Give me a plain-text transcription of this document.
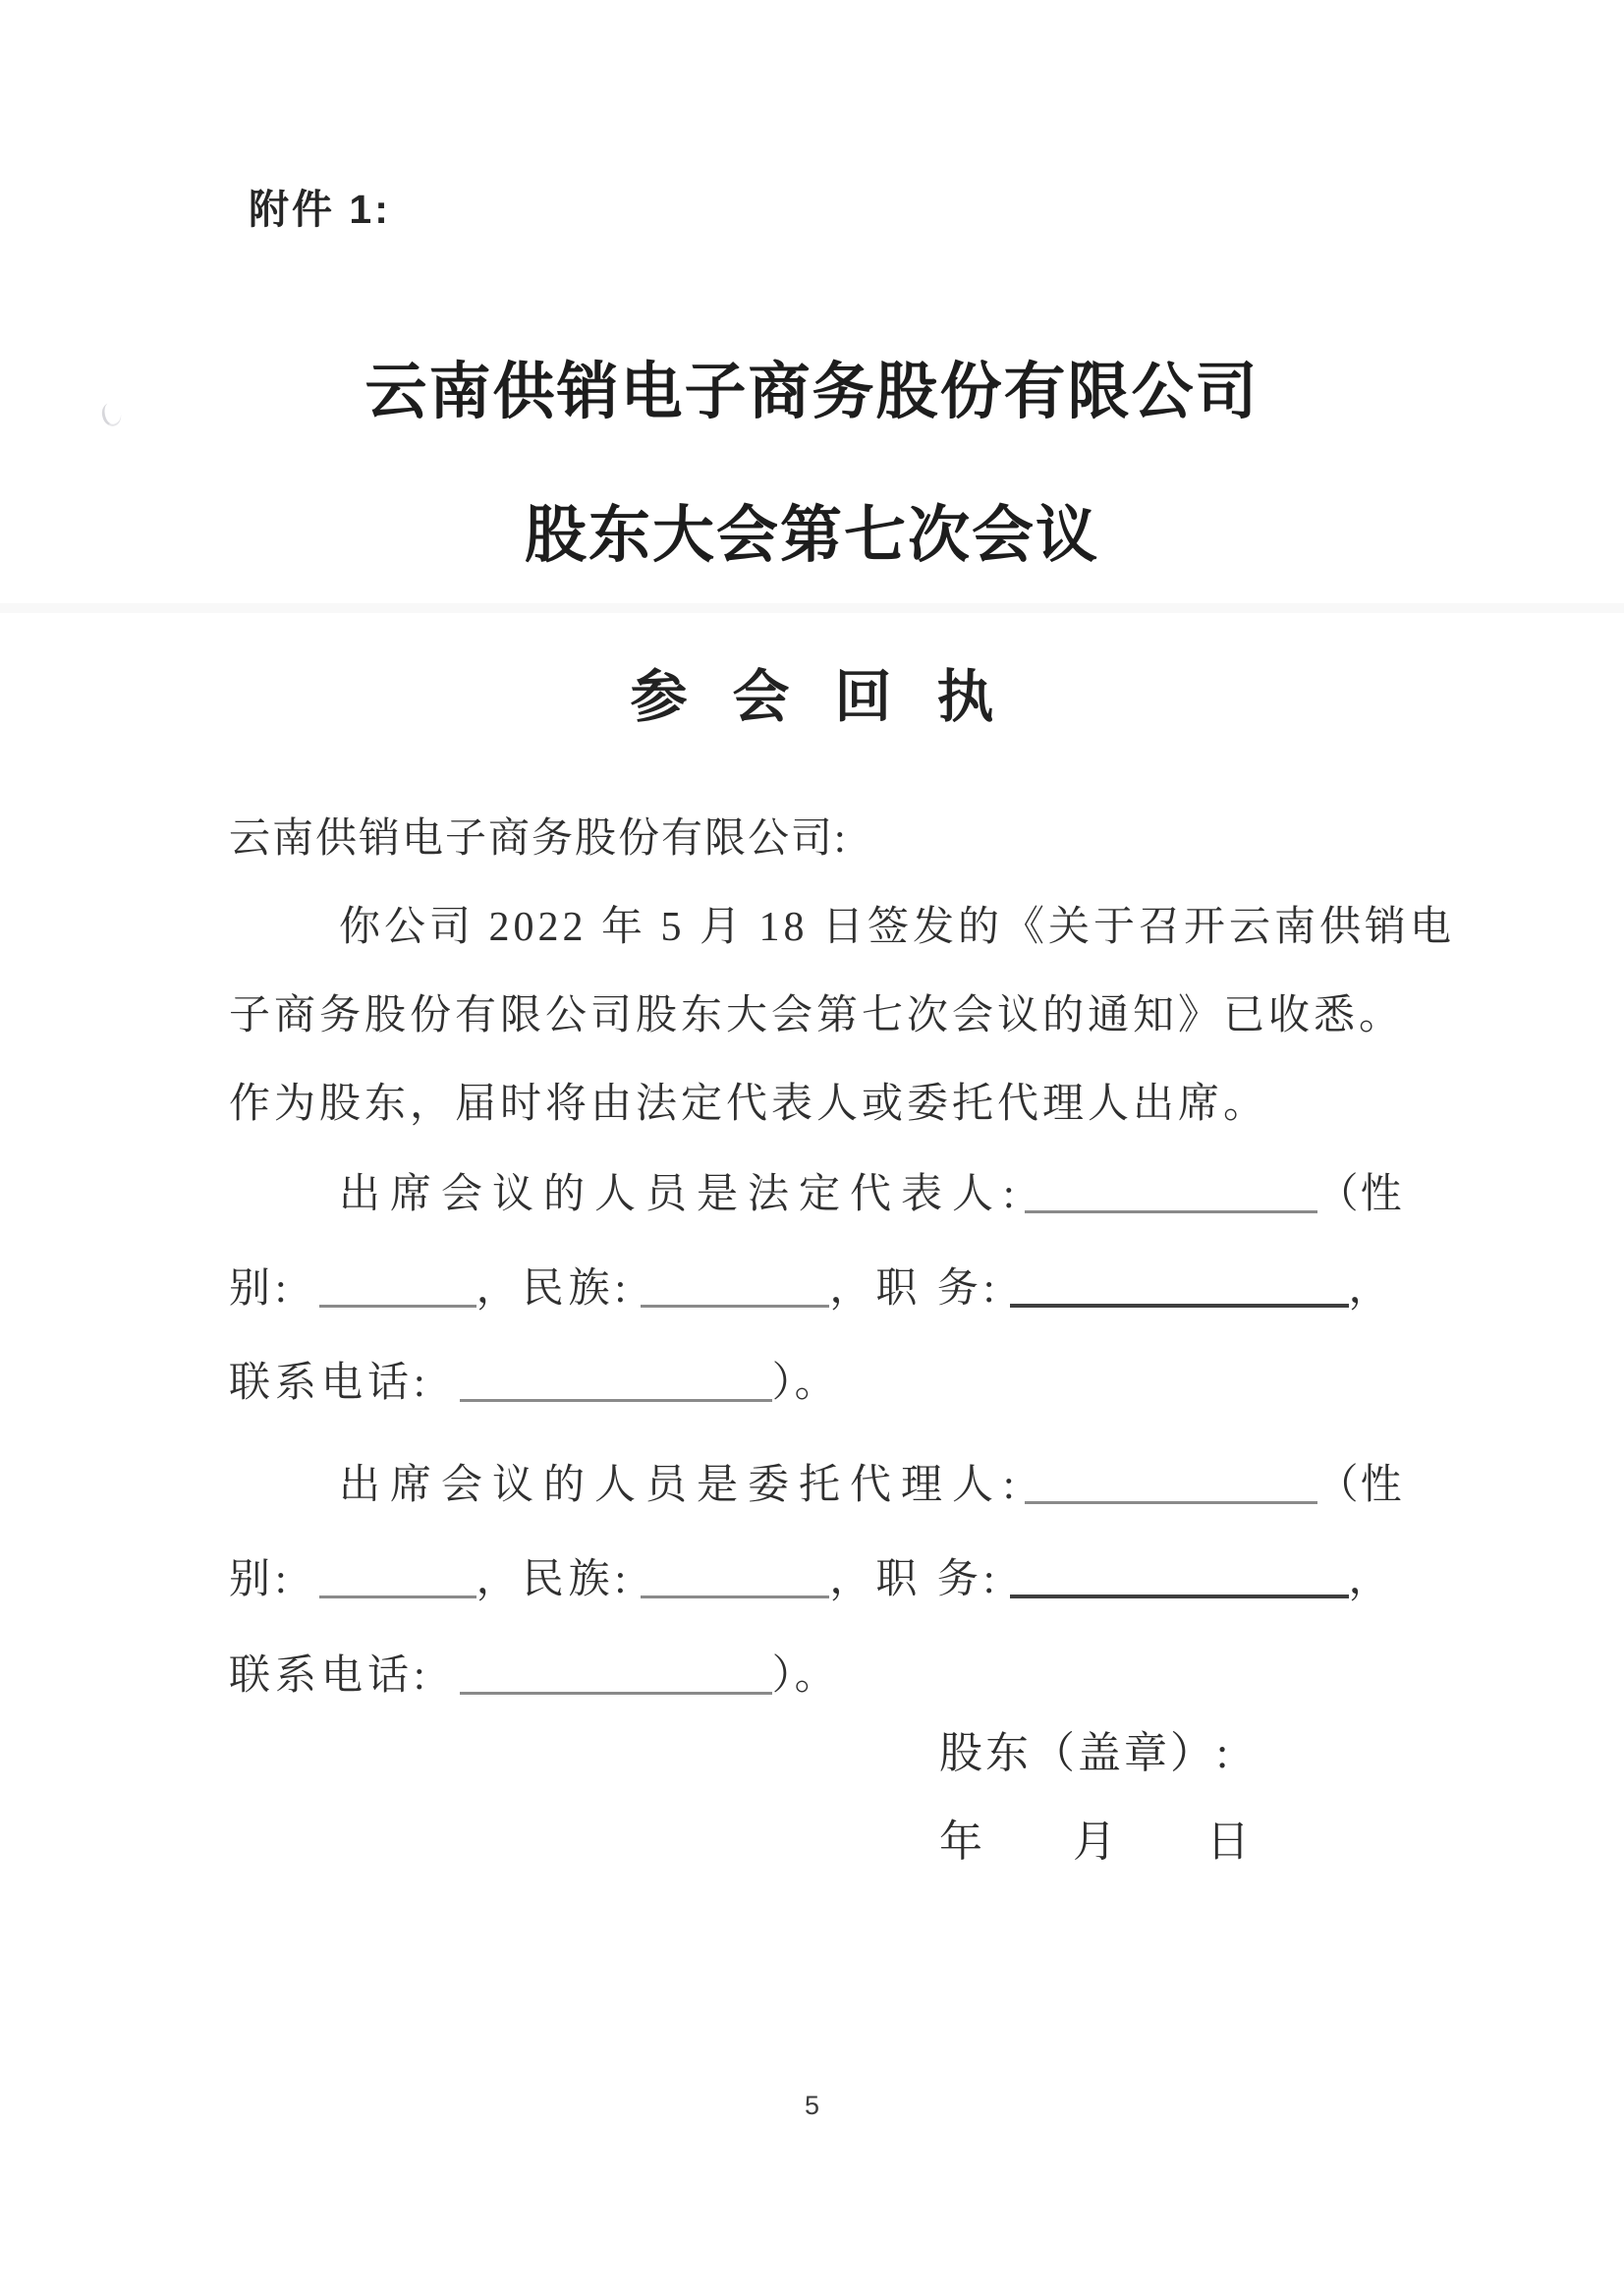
附件 1:
云南供销电子商务股份有限公司
股东大会第七次会议
参会回执
云南供销电子商务股份有限公司:
你公司 2022 年 5 月 18 日签发的《关于召开云南供销电
子商务股份有限公司股东大会第七次会议的通知》已收悉。
作为股东，届时将由法定代表人或委托代理人出席。
出席会议的人员是法定代表人:	（性
别:	，民族:	，职 务:	，
联系电话:	）。
出席会议的人员是委托代理人:	（性
别:	，民族:	，职 务:	，
联系电话:	）。
股东（盖章）:
年 月 日
5
